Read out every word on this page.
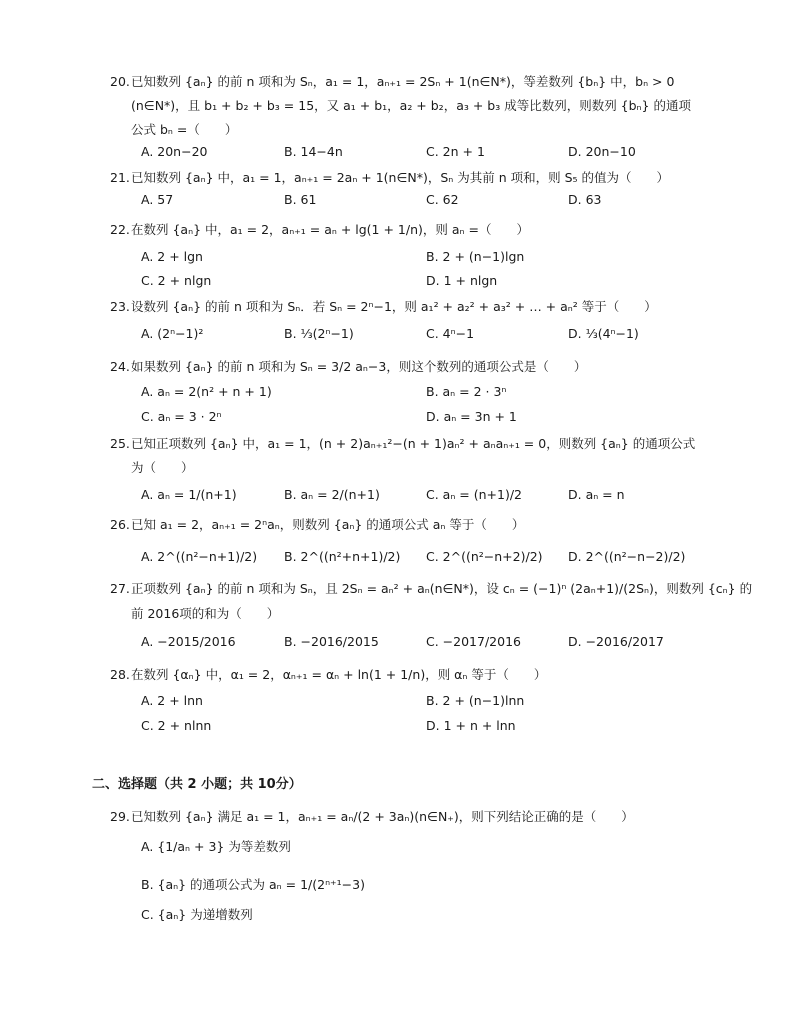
20. 已知数列 {aₙ} 的前 n 项和为 Sₙ，a₁ = 1，aₙ₊₁ = 2Sₙ + 1(n∈N*)，等差数列 {bₙ} 中，bₙ > 0
(n∈N*)，且 b₁ + b₂ + b₃ = 15，又 a₁ + b₁，a₂ + b₂，a₃ + b₃ 成等比数列，则数列 {bₙ} 的通项
公式 bₙ =（　　）
A. 20n−20	B. 14−4n	C. 2n + 1	D. 20n−10
21. 已知数列 {aₙ} 中，a₁ = 1，aₙ₊₁ = 2aₙ + 1(n∈N*)，Sₙ 为其前 n 项和，则 S₅ 的值为（　　）
A. 57	B. 61	C. 62	D. 63
22. 在数列 {aₙ} 中，a₁ = 2，aₙ₊₁ = aₙ + lg(1 + 1/n)，则 aₙ =（　　）
A. 2 + lgn	B. 2 + (n−1)lgn
C. 2 + nlgn	D. 1 + nlgn
23. 设数列 {aₙ} 的前 n 项和为 Sₙ．若 Sₙ = 2ⁿ−1，则 a₁² + a₂² + a₃² + … + aₙ² 等于（　　）
A. (2ⁿ−1)²	B. ⅓(2ⁿ−1)	C. 4ⁿ−1	D. ⅓(4ⁿ−1)
24. 如果数列 {aₙ} 的前 n 项和为 Sₙ = 3/2 aₙ−3，则这个数列的通项公式是（　　）
A. aₙ = 2(n² + n + 1)	B. aₙ = 2 · 3ⁿ
C. aₙ = 3 · 2ⁿ	D. aₙ = 3n + 1
25. 已知正项数列 {aₙ} 中，a₁ = 1，(n + 2)aₙ₊₁²−(n + 1)aₙ² + aₙaₙ₊₁ = 0，则数列 {aₙ} 的通项公式
为（　　）
A. aₙ = 1/(n+1)	B. aₙ = 2/(n+1)	C. aₙ = (n+1)/2	D. aₙ = n
26. 已知 a₁ = 2，aₙ₊₁ = 2ⁿaₙ，则数列 {aₙ} 的通项公式 aₙ 等于（　　）
A. 2^((n²−n+1)/2) B. 2^((n²+n+1)/2) C. 2^((n²−n+2)/2) D. 2^((n²−n−2)/2)
27. 正项数列 {aₙ} 的前 n 项和为 Sₙ，且 2Sₙ = aₙ² + aₙ(n∈N*)，设 cₙ = (−1)ⁿ (2aₙ+1)/(2Sₙ)，则数列 {cₙ} 的
前 2016项的和为（　　）
A. −2015/2016	B. −2016/2015	C. −2017/2016	D. −2016/2017
28. 在数列 {αₙ} 中，α₁ = 2，αₙ₊₁ = αₙ + ln(1 + 1/n)，则 αₙ 等于（　　）
A. 2 + lnn	B. 2 + (n−1)lnn
C. 2 + nlnn	D. 1 + n + lnn
二、选择题（共 2 小题；共 10分）
29. 已知数列 {aₙ} 满足 a₁ = 1，aₙ₊₁ = aₙ/(2 + 3aₙ)(n∈N₊)，则下列结论正确的是（　　）
A. {1/aₙ + 3} 为等差数列
B. {aₙ} 的通项公式为 aₙ = 1/(2ⁿ⁺¹−3)
C. {aₙ} 为递增数列
